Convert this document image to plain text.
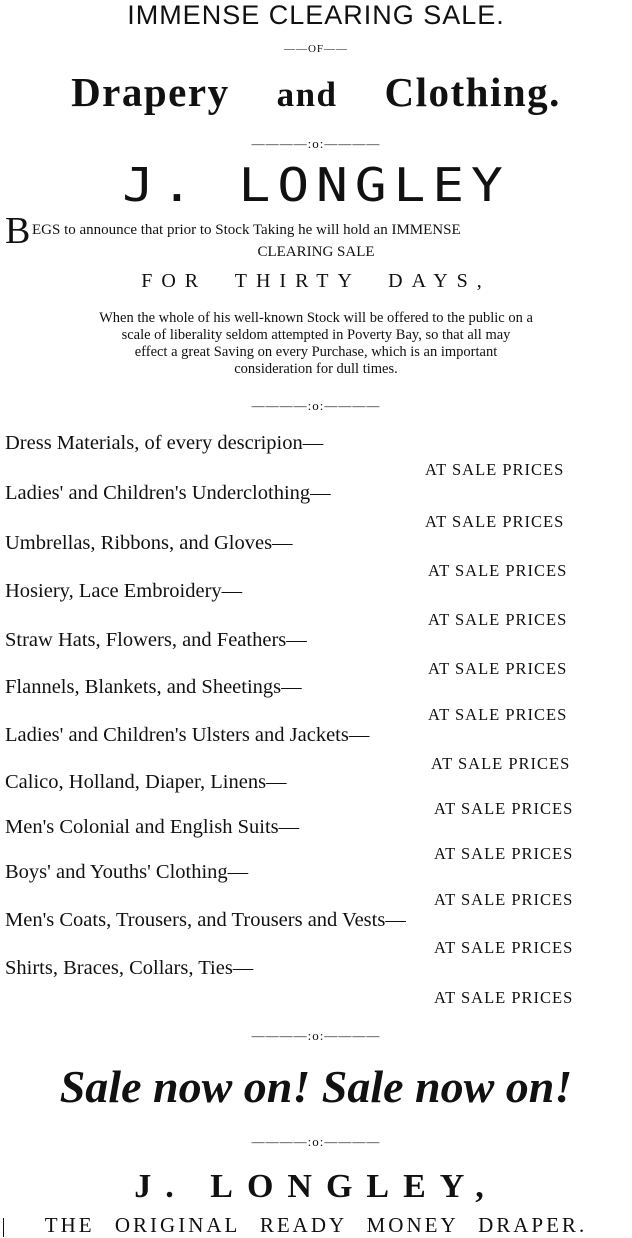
IMMENSE CLEARING SALE.
——OF——
Drapery and Clothing.
————:o:————
J. LONGLEY
B EGS to announce that prior to Stock Taking he will hold an IMMENSE
CLEARING SALE
FOR THIRTY DAYS,
When the whole of his well-known Stock will be offered to the public on a
scale of liberality seldom attempted in Poverty Bay, so that all may
effect a great Saving on every Purchase, which is an important
consideration for dull times.
————:o:————
Dress Materials, of every descripion—
AT SALE PRICES
Ladies' and Children's Underclothing—
AT SALE PRICES
Umbrellas, Ribbons, and Gloves—
AT SALE PRICES
Hosiery, Lace Embroidery—
AT SALE PRICES
Straw Hats, Flowers, and Feathers—
AT SALE PRICES
Flannels, Blankets, and Sheetings—
AT SALE PRICES
Ladies' and Children's Ulsters and Jackets—
AT SALE PRICES
Calico, Holland, Diaper, Linens—
AT SALE PRICES
Men's Colonial and English Suits—
AT SALE PRICES
Boys' and Youths' Clothing—
AT SALE PRICES
Men's Coats, Trousers, and Trousers and Vests—
AT SALE PRICES
Shirts, Braces, Collars, Ties—
AT SALE PRICES
————:o:————
Sale now on! Sale now on!
————:o:————
J. LONGLEY,
THE ORIGINAL READY MONEY DRAPER.
